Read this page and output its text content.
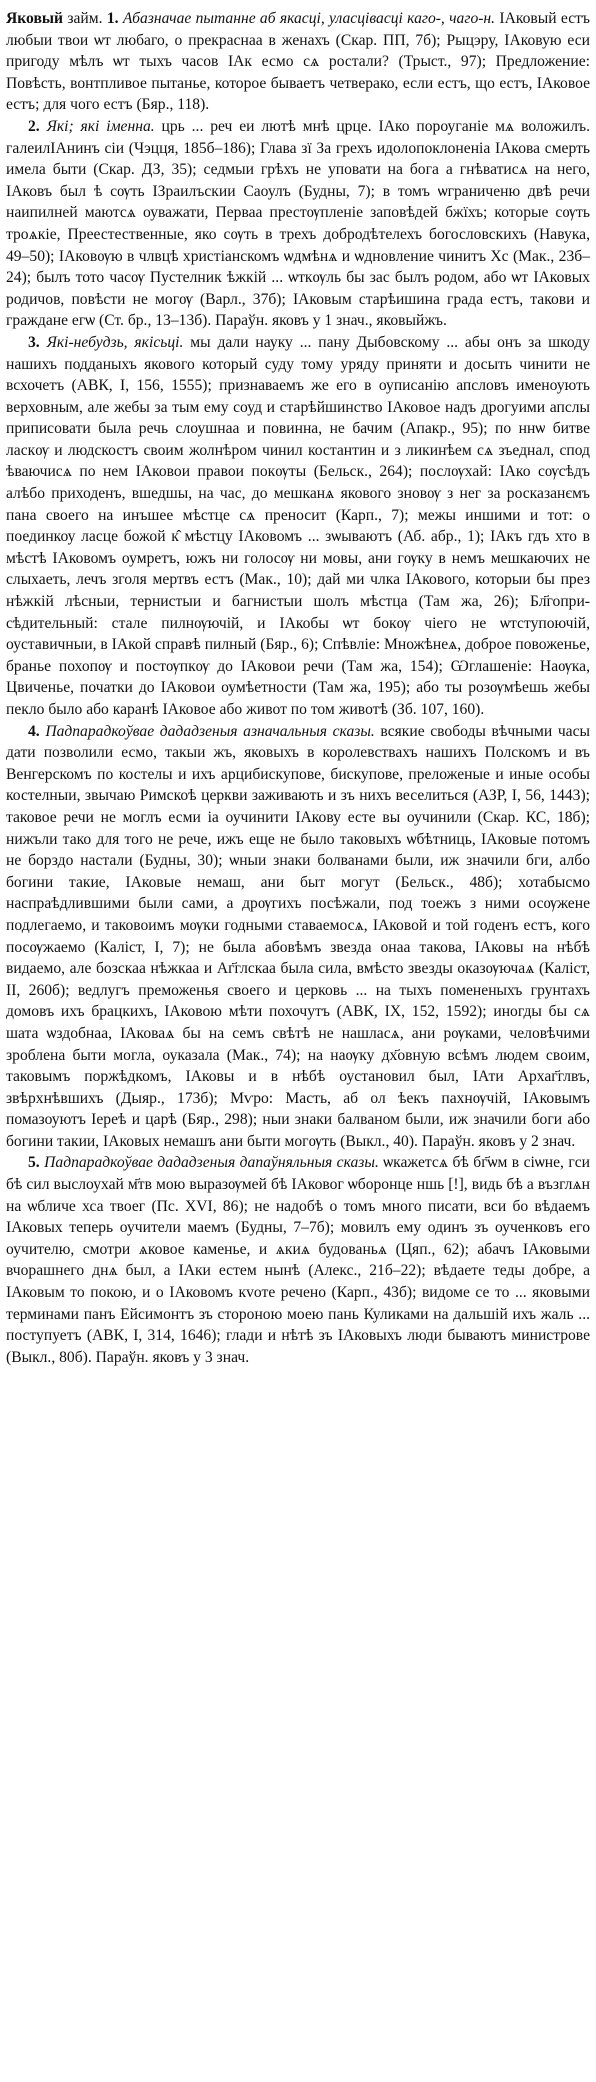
Яковый займ. 1. Абазначае пытанне аб якасці, уласцівасці каго-, чаго-н. ІАковый естъ любыи твои ѡт любаго, о прекраснаа в женахъ (Скар. ПП, 7б); Рыцэру, ІАковую еси пригоду мѣлъ ѡт тыхъ часов ІАк есмо сѧ ростали? (Трыст., 97); Предложение: Повѣсть, вонтпливое пытанье, которое бываетъ четверако, если естъ, що естъ, ІАковое естъ; для чого естъ (Бяр., 118).

2. Які; які іменна. црь ... реч еи лютѣ мнѣ црце. ІАко пороуганіе мѧ воложилъ. галеилІАнинъ сіи (Чэцця, 185б–186); Глава зї За грехъ идолопоклоненіа ІАкова смерть имела быти (Скар. ДЗ, 35); седмыи грѣхъ не уповати на бога а гнѣватисѧ на него, ІАковъ был ѣ сѹть ІЗраилъскии Саоулъ (Будны, 7); в томъ ѡграниченю двѣ речи наипилней маютсѧ оуважати, Перваа престѹпленіе заповѣдей бжїхъ; которые сѹть троѧкіе, Преестественные, яко сѹть в трехъ добродѣтелехъ богословскихъ (Навука, 49–50); ІАковѹю в члвцѣ христіанскомъ ѡдмѣнѧ и ѡдновление чинитъ Хс (Мак., 23б–24); былъ тото часѹ Пустелник ѣжкій ... ѡткѹль бы зас былъ родом, або ѡт ІАковых родичов, повѣсти не могѹ (Варл., 37б); ІАковым старѣишина града естъ, такови и граждане егѡ (Ст. бр., 13–13б). Параўн. яковъ у 1 знач., яковыйжъ.

3. Які-небудзь, якісьці. мы дали науку ... пану Дыбовскому ... абы онъ за шкоду нашихъ подданыхъ якового который суду тому уряду приняти и досыть чинити не всхочетъ (АВК, I, 156, 1555); признаваемъ же его в оуписанію апсловъ именоують верховным, але жебы за тым ему соуд и старѣйшинство ІАковое надъ дрогуими апслы приписовати была речь слоушнаа и повинна, не бачим (Апакр., 95); по ннѡ битве ласкѹ и людскостъ своим жолнѣром чинил костантин и з ликинѣем сѧ зъеднал, спод ѣваючисѧ по нем ІАковои правои покѹты (Бельск., 264); послѹхай: ІАко сѹсѣдъ алѣбо приходенъ, вшедшы, на час, до мешканѧ якового зновѹ з нег за росказанємъ пана своего на инъшее мѣстце сѧ преносит (Карп., 7); межы иншими и тот: о поединкоу ласце божой к̂ мѣстцу ІАковомъ ... зѡываютъ (Аб. абр., 1); ІАкъ гдъ хто в мѣстѣ ІАковомъ оумретъ, южъ ни голосѹ ни мовы, ани гѹку в немъ мешкаючих не слыхаеть, лечъ зголя мертвъ естъ (Мак., 10); дай ми члка ІАкового, которыи бы през нѣжкій лѣсныи, тернистыи и багнистыи шолъ мѣстца (Там жа, 26); Бл҃гопри- сѣдительный: стале пилнѹючій, и ІАкобы ѡт бокѹ чіего не ѡтступоючій, оуставичныи, в ІАкой справѣ пилный (Бяр., 6); Спѣвліе: Множѣнеѧ, доброе повоженье, бранье похопѹ и постѹпкѹ до ІАковои речи (Там жа, 154); Ѡглашеніе: Наѹка, Цвиченье, початки до ІАковои оумѣетности (Там жа, 195); або ты розѹмѣешь жебы пекло было або каранѣ ІАковое або живот по том животѣ (Зб. 107, 160).

4. Падпарадкоўвае дададзеныя азначальныя сказы. всякие свободы вѣчными часы дати позволили есмо, такыи жъ, яковыхъ в королевствахъ нашихъ Полскомъ и въ Венгерскомъ по костелы и ихъ арцибискупове, бискупове, преложеные и иные особы костелныи, звычаю Римскоѣ церкви заживають и зъ нихъ веселиться (АЗР, I, 56, 1443); таковое речи не моглъ есми іа оучинити ІАкову есте вы оучинили (Скар. КС, 18б); нижъли тако для того не рече, ижъ еще не было таковыхъ ѡбѣтниць, ІАковые потомъ не борздо настали (Будны, 30); ѡныи знаки болванами были, иж значили бги, албо богини такие, ІАковые немаш, ани быт могут (Бельск., 48б); хотабысмо наспраѣдлившими были сами, а дрѹгихъ посѣжали, под тоежъ з ними осѹжене подлегаемо, и таковоимъ мѹки годными ставаемосѧ, ІАковой и той годенъ естъ, кого посѹжаемо (Калiст, I, 7); не была абовѣмъ звезда онаа такова, ІАковы на нѣбѣ видаемо, але бозскаа нѣжкаа и Аг҃глскаа была сила, вмѣсто звезды оказѹючаѧ (Калiст, II, 260б); ведлугъ преможенья своего и церковь ... на тыхъ помененыхъ грунтахъ домовъ ихъ брацкихъ, ІАковою мѣти похочутъ (АВК, IX, 152, 1592); иногды бы сѧ шата ѡздобнаа, ІАковаѧ бы на семъ свѣтѣ не нашласѧ, ани рѹками, человѣчими зроблена быти могла, оуказала (Мак., 74); на наѹку дх҃овную всѣмъ людем своим, таковымъ поржѣдкомъ, ІАковы и в нѣбѣ оустановил был, ІАти Архаг҃глвъ, звѣрхнѣвшихъ (Дыяр., 173б); Мѵро: Масть, аб ол ѣекъ пахнѹчій, ІАковымъ помазоуютъ Іереѣ и царѣ (Бяр., 298); ныи знаки балваном были, иж значили боги або богини такии, ІАковых немашъ ани быти могѹть (Выкл., 40). Параўн. яковъ у 2 знач.

5. Падпарадкоўвае дададзеныя дапаўняльныя сказы. ѡкажетсѧ бѣ бг҃ѡм в сіѡне, гси бѣ сил выслоухай м҃тв мою выразѹмей бѣ ІАковог ѡборонце ншь [!], видь бѣ а възглѧн на ѡбличе хса твоег (Пс. XVI, 86); не надобѣ о томъ много писати, вси бо вѣдаемъ ІАковых теперь оучители маемъ (Будны, 7–7б); мовилъ ему одинъ зъ оученковъ его оучителю, смотри ѧковое каменье, и ѧкиѧ будованьѧ (Цяп., 62); абачъ ІАковыми вчорашнего днѧ был, а ІАки естем нынѣ (Алекс., 21б–22); вѣдаете теды добре, а ІАковым то покою, и о ІАковомъ кvоте речено (Карп., 43б); видоме се то ... яковыми терминами панъ Ейсимонтъ зъ стороною моею пань Куликами на дальшій ихъ жаль ... поступуетъ (АВК, I, 314, 1646); глади и нѣтѣ зъ ІАковыхъ люди бываютъ министрове (Выкл., 80б). Параўн. яковъ у 3 знач.
